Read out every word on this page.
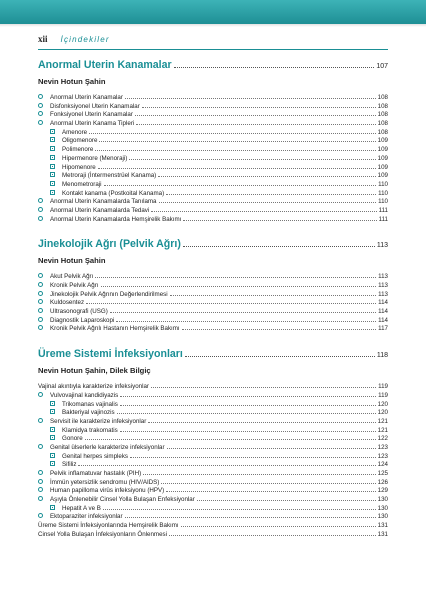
xii İçindekiler
Anormal Uterin Kanamalar	107
Nevin Hotun Şahin
Anormal Uterin Kanamalar	108
Disfonksiyonel Uterin Kanamalar	108
Fonksiyonel Uterin Kanamalar	108
Anormal Uterin Kanama Tipleri	108
Amenore	108
Oligomenore	109
Polimenore	109
Hipermenore (Menoraji)	109
Hipomenore	109
Metroraji (İntermenstrüel Kanama)	109
Menometroraji	110
Kontakt kanama (Postkoital Kanama)	110
Anormal Uterin Kanamalarda Tanılama	110
Anormal Uterin Kanamalarda Tedavi	111
Anormal Uterin Kanamalarda Hemşirelik Bakımı	111
Jinekolojik Ağrı (Pelvik Ağrı)	113
Nevin Hotun Şahin
Akut Pelvik Ağrı	113
Kronik Pelvik Ağrı	113
Jinekolojik Pelvik Ağrının Değerlendirilmesi	113
Kuldosentez	114
Ultrasonografi (USG)	114
Diagnostik Laparoskopi	114
Kronik Pelvik Ağrılı Hastanın Hemşirelik Bakımı	117
Üreme Sistemi İnfeksiyonları	118
Nevin Hotun Şahin, Dilek Bilgiç
Vajinal akıntıyla karakterize infeksiyonlar	119
Vulvovajinal kandidiyazis	119
Trikomanas vajinalis	120
Bakteriyal vajinozis	120
Servisit ile karakterize infeksiyonlar	121
Klamidya trakomatis	121
Gonore	122
Genital ülserlerle karakterize infeksiyonlar	123
Genital herpes simpleks	123
Sifiliz	124
Pelvik inflamatuvar hastalık (PIH)	125
İmmün yetersizlik sendromu (HIV/AIDS)	126
Human papilloma virüs infeksiyonu (HPV)	129
Aşıyla Önlenebilir Cinsel Yolla Bulaşan Enfeksiyonlar	130
Hepatit A ve B	130
Ektoparaziter infeksiyonlar	130
Üreme Sistemi İnfeksiyonlarında Hemşirelik Bakımı	131
Cinsel Yolla Bulaşan İnfeksiyonların Önlenmesi	131
